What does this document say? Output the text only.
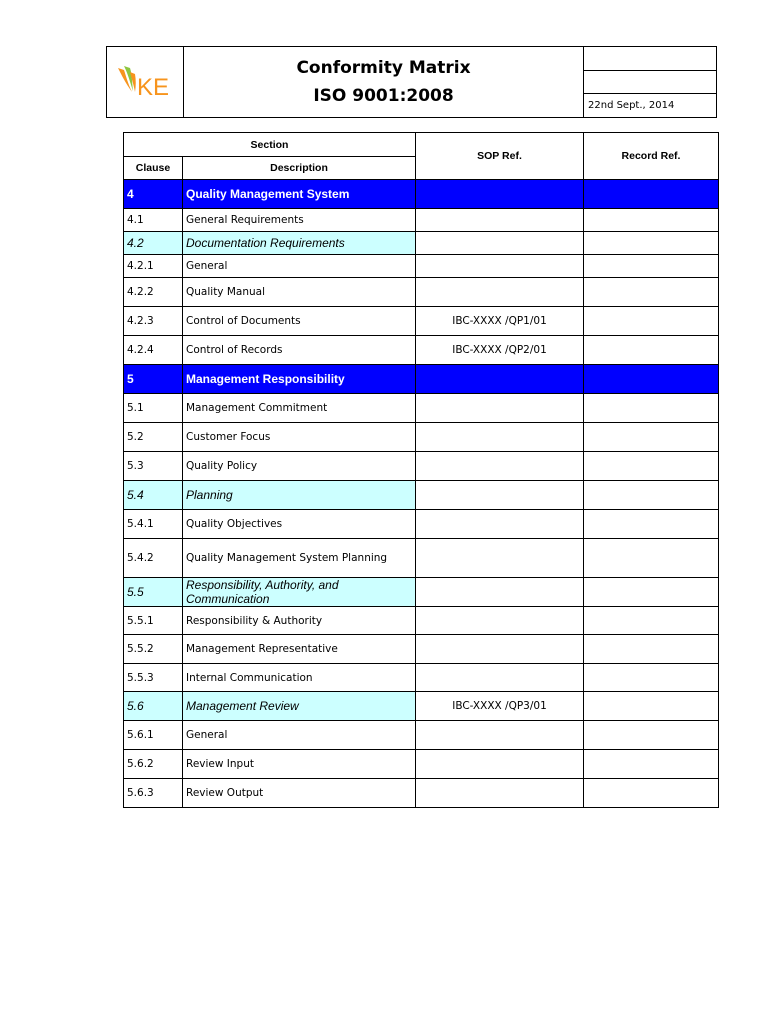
KE
Conformity Matrix
ISO 9001:2008	22nd Sept., 2014
Section		SOP Ref.	Record Ref.
Clause	Description		
4	Quality Management System		
4.1	General Requirements		
4.2	Documentation Requirements		
4.2.1	General		
4.2.2	Quality Manual		
4.2.3	Control of Documents	IBC-XXXX /QP1/01	
4.2.4	Control of Records	IBC-XXXX /QP2/01	
5	Management Responsibility		
5.1	Management Commitment		
5.2	Customer Focus		
5.3	Quality Policy		
5.4	Planning		
5.4.1	Quality Objectives		
5.4.2	Quality Management System Planning		
5.5	Responsibility, Authority, and Communication		
5.5.1	Responsibility & Authority		
5.5.2	Management Representative		
5.5.3	Internal Communication		
5.6	Management Review	IBC-XXXX /QP3/01	
5.6.1	General		
5.6.2	Review Input		
5.6.3	Review Output		
